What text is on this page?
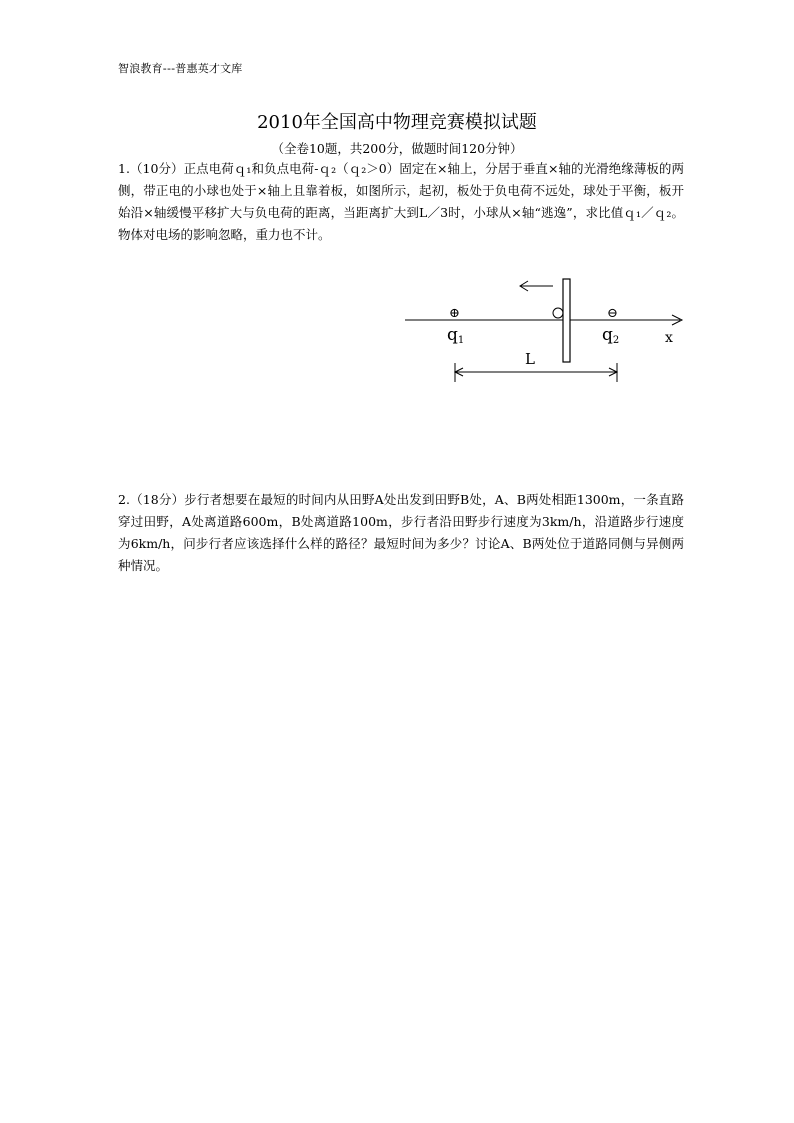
智浪教育---普惠英才文库
2010年全国高中物理竞赛模拟试题
（全卷10题，共200分，做题时间120分钟）
1.（10分）正点电荷ｑ₁和负点电荷-ｑ₂（ｑ₂＞0）固定在×轴上，分居于垂直×轴的光滑绝缘薄板的两侧，带正电的小球也处于×轴上且靠着板，如图所示，起初，板处于负电荷不远处，球处于平衡，板开始沿×轴缓慢平移扩大与负电荷的距离，当距离扩大到L／3时，小球从×轴“逃逸”，求比值ｑ₁／ｑ₂。物体对电场的影响忽略，重力也不计。
x
⊕
q1
⊖
q2
L
2.（18分）步行者想要在最短的时间内从田野A处出发到田野B处，A、B两处相距1300m，一条直路穿过田野，A处离道路600m，B处离道路100m，步行者沿田野步行速度为3km/h，沿道路步行速度为6km/h，问步行者应该选择什么样的路径？最短时间为多少？讨论A、B两处位于道路同侧与异侧两种情况。
